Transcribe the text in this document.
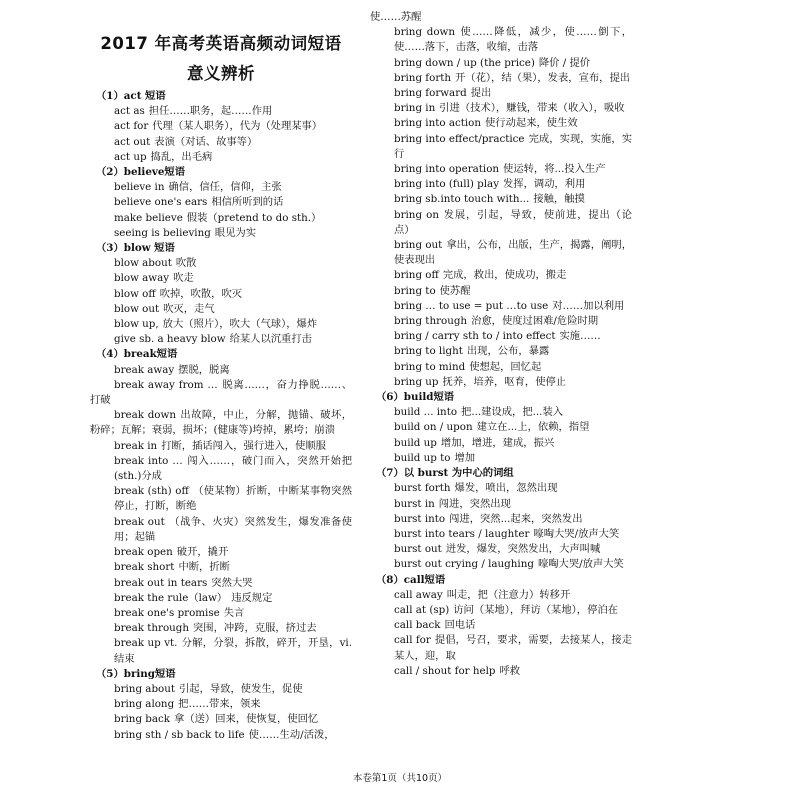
2017 年高考英语高频动词短语
意义辨析
（1）act 短语
act as 担任……职务，起……作用
act for 代理（某人职务），代为（处理某事）
act out 表演（对话、故事等）
act up 捣乱，出毛病
（2）believe短语
believe in 确信，信任，信仰，主张
believe one's ears 相信所听到的话
make believe 假装（pretend to do sth.）
seeing is believing 眼见为实
（3）blow 短语
blow about 吹散
blow away 吹走
blow off 吹掉，吹散，吹灭
blow out 吹灭，走气
blow up, 放大（照片），吹大（气球），爆炸
give sb. a heavy blow 给某人以沉重打击
（4）break短语
break away 摆脱，脱离
break away from … 脱离……，奋力挣脱……、打破
break down 出故障，中止，分解，抛锚、破坏，粉碎；瓦解；衰弱，损坏；(健康等)垮掉，累垮；崩溃
break in 打断，插话闯入，强行进入，使顺服
break into … 闯入……，破门而入，突然开始把(sth.)分成
break (sth) off （使某物）折断，中断某事物突然停止，打断，断绝
break out （战争、火灾）突然发生，爆发准备使用；起锚
break open 破开，撬开
break short 中断，折断
break out in tears 突然大哭
break the rule（law） 违反规定
break one's promise 失言
break through 突围，冲跨，克服，挤过去
break up vt. 分解，分裂，拆散，碎开，开垦，vi.结束
（5）bring短语
bring about 引起，导致，使发生，促使
bring along 把……带来，领来
bring back 拿（送）回来，使恢复，使回忆
bring sth / sb back to life 使……生动/活泼，
使……苏醒
bring down 使……降低，减少，使……倒下，使……落下，击落，收缩，击落
bring down / up (the price) 降价 / 提价
bring forth 开（花），结（果），发表，宣布，提出
bring forward 提出
bring in 引进（技术），赚钱，带来（收入），吸收
bring into action 使行动起来，使生效
bring into effect/practice 完成，实现，实施，实行
bring into operation 使运转，将...投入生产
bring into (full) play 发挥，调动，利用
bring sb.into touch with... 接触，触摸
bring on 发展，引起，导致，使前进，提出（论点）
bring out 拿出，公布，出版，生产，揭露，阐明，使表现出
bring off 完成，救出，使成功，搬走
bring to 使苏醒
bring … to use = put …to use 对……加以利用
bring through 治愈，使度过困难/危险时期
bring / carry sth to / into effect 实施……
bring to light 出现，公布，暴露
bring to mind 使想起，回忆起
bring up 抚养，培养，呕育，使停止
（6）build短语
build ... into 把...建设成，把...装入
build on / upon 建立在...上，依赖，指望
build up 增加，增进，建成，振兴
build up to 增加
（7）以 burst 为中心的词组
burst forth 爆发，喷出，忽然出现
burst in 闯进，突然出现
burst into 闯进，突然...起来，突然发出
burst into tears / laughter 嚎啕大哭/放声大笑
burst out 迸发，爆发，突然发出，大声叫喊
burst out crying / laughing 嚎啕大哭/放声大笑
（8）call短语
call away 叫走，把（注意力）转移开
call at (sp) 访问（某地），拜访（某地），停泊在
call back 回电话
call for 提倡，号召，要求，需要，去接某人，接走某人，迎，取
call / shout for help 呼救
本卷第1页（共10页）
